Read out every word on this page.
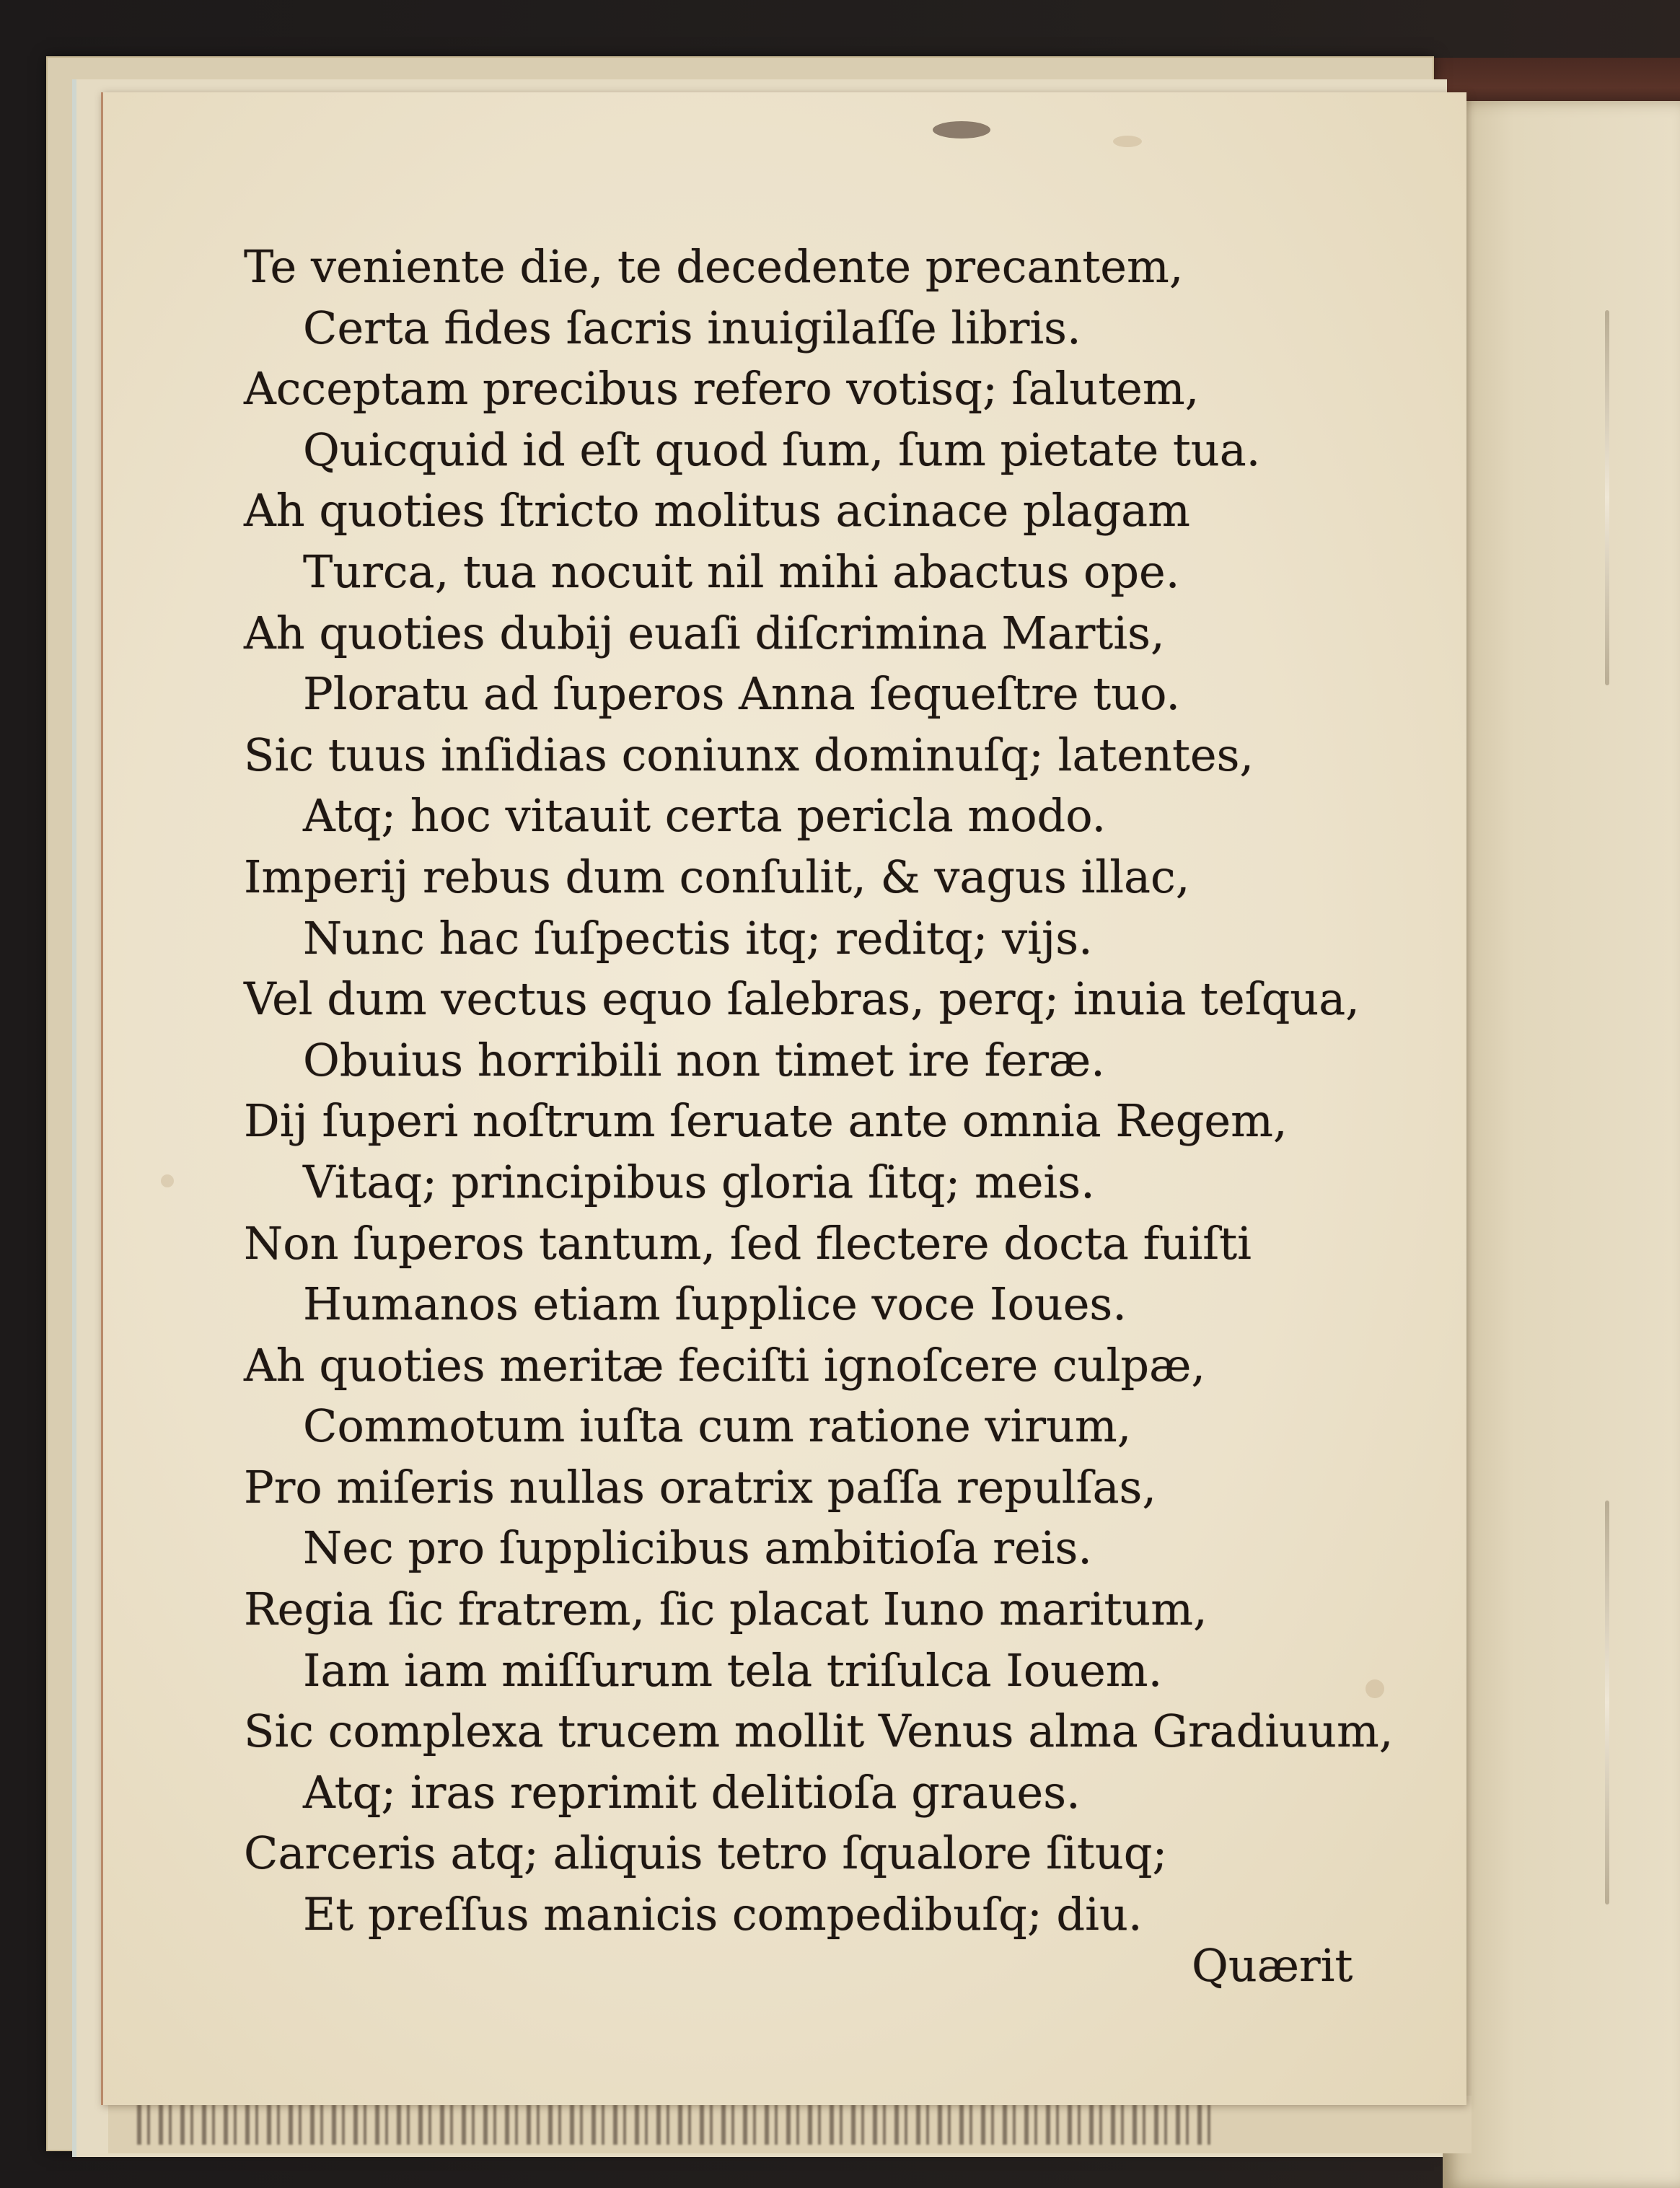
Te veniente die, te decedente precantem,
Certa fides ſacris inuigilaſſe libris.
Acceptam precibus refero votisq; ſalutem,
Quicquid id eſt quod ſum, ſum pietate tua.
Ah quoties ſtricto molitus acinace plagam
Turca, tua nocuit nil mihi abactus ope.
Ah quoties dubij euaſi diſcrimina Martis,
Ploratu ad ſuperos Anna ſequeſtre tuo.
Sic tuus inſidias coniunx dominuſq; latentes,
Atq; hoc vitauit certa pericla modo.
Imperij rebus dum conſulit, & vagus illac,
Nunc hac ſuſpectis itq; reditq; vijs.
Vel dum vectus equo ſalebras, perq; inuia teſqua,
Obuius horribili non timet ire feræ.
Dij ſuperi noſtrum ſeruate ante omnia Regem,
Vitaq; principibus gloria ſitq; meis.
Non ſuperos tantum, ſed flectere docta fuiſti
Humanos etiam ſupplice voce Ioues.
Ah quoties meritæ feciſti ignoſcere culpæ,
Commotum iuſta cum ratione virum,
Pro miſeris nullas oratrix paſſa repulſas,
Nec pro ſupplicibus ambitioſa reis.
Regia ſic fratrem, ſic placat Iuno maritum,
Iam iam miſſurum tela triſulca Iouem.
Sic complexa trucem mollit Venus alma Gradiuum,
Atq; iras reprimit delitioſa graues.
Carceris atq; aliquis tetro ſqualore ſituq;
Et preſſus manicis compedibuſq; diu.
Quærit
